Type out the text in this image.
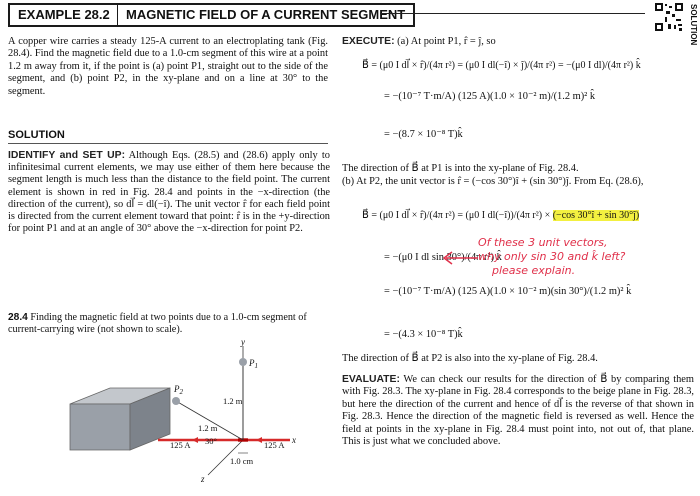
EXAMPLE 28.2	MAGNETIC FIELD OF A CURRENT SEGMENT	SOLUTION
A copper wire carries a steady 125-A current to an electroplating tank (Fig. 28.4). Find the magnetic field due to a 1.0-cm segment of this wire at a point 1.2 m away from it, if the point is (a) point P1, straight out to the side of the segment, and (b) point P2, in the xy-plane and on a line at 30° to the segment.
SOLUTION
IDENTIFY and SET UP: Although Eqs. (28.5) and (28.6) apply only to infinitesimal current elements, we may use either of them here because the segment length is much less than the distance to the field point. The current element is shown in red in Fig. 28.4 and points in the −x-direction (the direction of the current), so dl⃗ = dl(−î). The unit vector r̂ for each field point is directed from the current element toward that point: r̂ is in the +y-direction for point P1 and at an angle of 30° above the −x-direction for point P2.
28.4 Finding the magnetic field at two points due to a 1.0-cm segment of current-carrying wire (not shown to scale).
y
x
z
$P_1$
1.2 m
$P_2$
1.2 m
30°
125 A	125 A
1.0 cm
EXECUTE: (a) At point P1, r̂ = ĵ, so
B⃗ = (μ0 I dl⃗ × r̂)/(4π r²) = (μ0 I dl(−î) × ĵ)/(4π r²) = −(μ0 I dl)/(4π r²) k̂
= −(10⁻⁷ T·m/A) (125 A)(1.0 × 10⁻² m)/(1.2 m)² k̂
= −(8.7 × 10⁻⁸ T)k̂
The direction of B⃗ at P1 is into the xy-plane of Fig. 28.4.
(b) At P2, the unit vector is r̂ = (−cos 30°)î + (sin 30°)ĵ. From Eq. (28.6),
B⃗ = (μ0 I dl⃗ × r̂)/(4π r²) = (μ0 I dl(−î))/(4π r²) × (−cos 30°î + sin 30°ĵ)
= −(μ0 I dl sin 30°)/(4π r²) k̂
= −(10⁻⁷ T·m/A) (125 A)(1.0 × 10⁻² m)(sin 30°)/(1.2 m)² k̂
= −(4.3 × 10⁻⁸ T)k̂
The direction of B⃗ at P2 is also into the xy-plane of Fig. 28.4.
EVALUATE: We can check our results for the direction of B⃗ by comparing them with Fig. 28.3. The xy-plane in Fig. 28.4 corresponds to the beige plane in Fig. 28.3, but here the direction of the current and hence of dl⃗ is the reverse of that shown in Fig. 28.3. Hence the direction of the magnetic field is reversed as well. Hence the field at points in the xy-plane in Fig. 28.4 must point into, not out of, that plane. This is just what we concluded above.
Of these 3 unit vectors,
why only sin 30 and k̂ left?
please explain.
